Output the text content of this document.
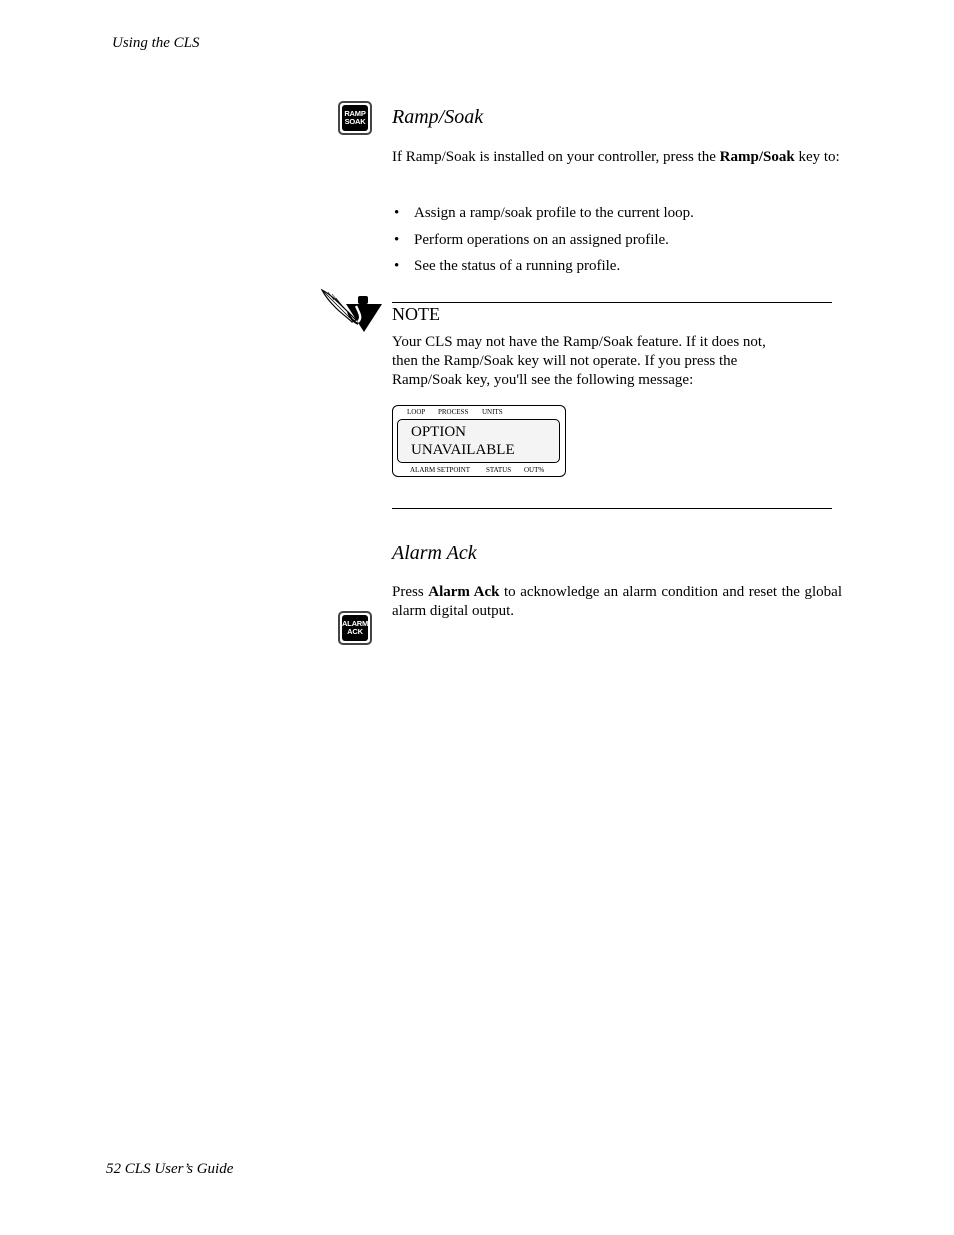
Using the CLS
RAMP
SOAK Ramp/Soak
If Ramp/Soak is installed on your controller, press the Ramp/Soak key to:
• Assign a ramp/soak profile to the current loop.
• Perform operations on an assigned profile.
• See the status of a running profile.
NOTE
Your CLS may not have the Ramp/Soak feature. If it does not,
then the Ramp/Soak key will not operate. If you press the
Ramp/Soak key, you'll see the following message:
LOOP PROCESS UNITS
OPTION
UNAVAILABLE
ALARM SETPOINT STATUS OUT%
Alarm Ack
Press Alarm Ack to acknowledge an alarm condition and reset the global alarm digital output.
ALARM
ACK
52 CLS User’s Guide
